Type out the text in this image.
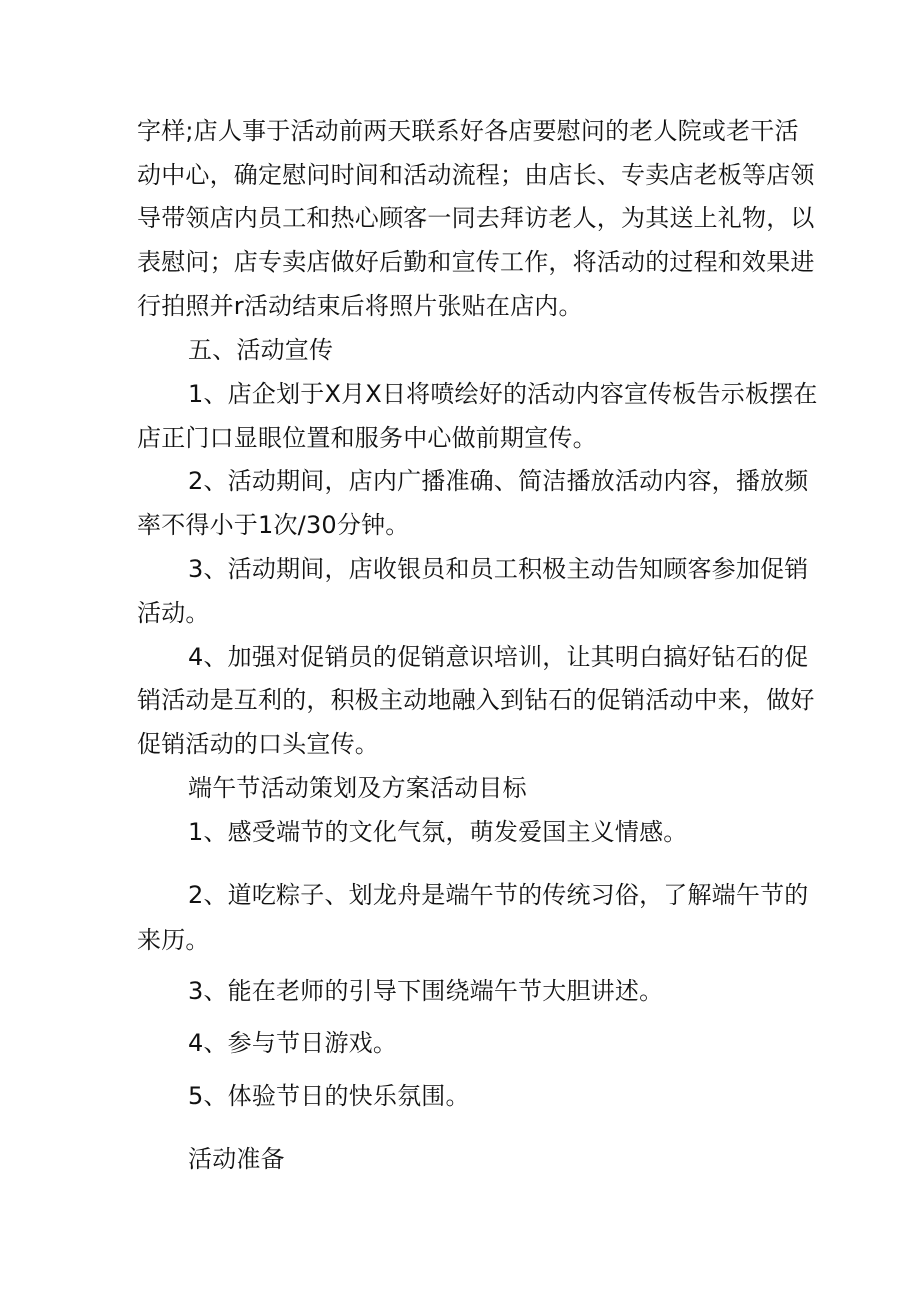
字样;店人事于活动前两天联系好各店要慰问的老人院或老干活
动中心，确定慰问时间和活动流程；由店长、专卖店老板等店领
导带领店内员工和热心顾客一同去拜访老人，为其送上礼物，以
表慰问；店专卖店做好后勤和宣传工作，将活动的过程和效果进
行拍照并r活动结束后将照片张贴在店内。
五、活动宣传
1、店企划于X月X日将喷绘好的活动内容宣传板告示板摆在
店正门口显眼位置和服务中心做前期宣传。
2、活动期间，店内广播准确、简洁播放活动内容，播放频
率不得小于1次/30分钟。
3、活动期间，店收银员和员工积极主动告知顾客参加促销
活动。
4、加强对促销员的促销意识培训，让其明白搞好钻石的促
销活动是互利的，积极主动地融入到钻石的促销活动中来，做好
促销活动的口头宣传。
端午节活动策划及方案活动目标
1、感受端节的文化气氛，萌发爱国主义情感。
2、道吃粽子、划龙舟是端午节的传统习俗，了解端午节的
来历。
3、能在老师的引导下围绕端午节大胆讲述。
4、参与节日游戏。
5、体验节日的快乐氛围。
活动准备
